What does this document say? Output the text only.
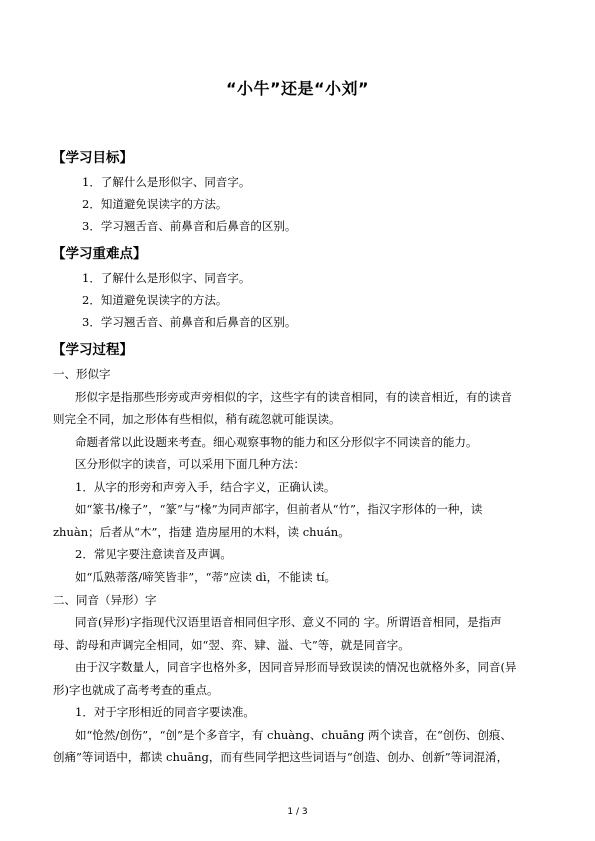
“小牛”还是“小刘”
【学习目标】
1．了解什么是形似字、同音字。
2．知道避免误读字的方法。
3．学习翘舌音、前鼻音和后鼻音的区别。
【学习重难点】
1．了解什么是形似字、同音字。
2．知道避免误读字的方法。
3．学习翘舌音、前鼻音和后鼻音的区别。
【学习过程】
一、形似字
形似字是指那些形旁或声旁相似的字，这些字有的读音相同，有的读音相近，有的读音
则完全不同，加之形体有些相似，稍有疏忽就可能误读。
命题者常以此设题来考查。细心观察事物的能力和区分形似字不同读音的能力。
区分形似字的读音，可以采用下面几种方法：
1．从字的形旁和声旁入手，结合字义，正确认读。
如“篆书/椽子”，“篆”与“椽”为同声部字，但前者从“竹”，指汉字形体的一种，读
zhuàn；后者从“木”，指建 造房屋用的木料，读 chuán。
2．常见字要注意读音及声调。
如“瓜熟蒂落/啼笑皆非”，“蒂”应读 dì，不能读 tí。
二、同音（异形）字
同音(异形)字指现代汉语里语音相同但字形、意义不同的 字。所谓语音相同，是指声
母、韵母和声调完全相同，如“翌、弈、肄、溢、弋”等，就是同音字。
由于汉字数量人，同音字也格外多，因同音异形而导致误读的情况也就格外多，同音(异
形)字也就成了高考考查的重点。
1．对于字形相近的同音字要读准。
如“怆然/创伤”，“创”是个多音字，有 chuàng、chuāng 两个读音，在“创伤、创痕、
创痛”等词语中，都读 chuāng，而有些同学把这些词语与“创造、创办、创新”等词混淆，
1 / 3
